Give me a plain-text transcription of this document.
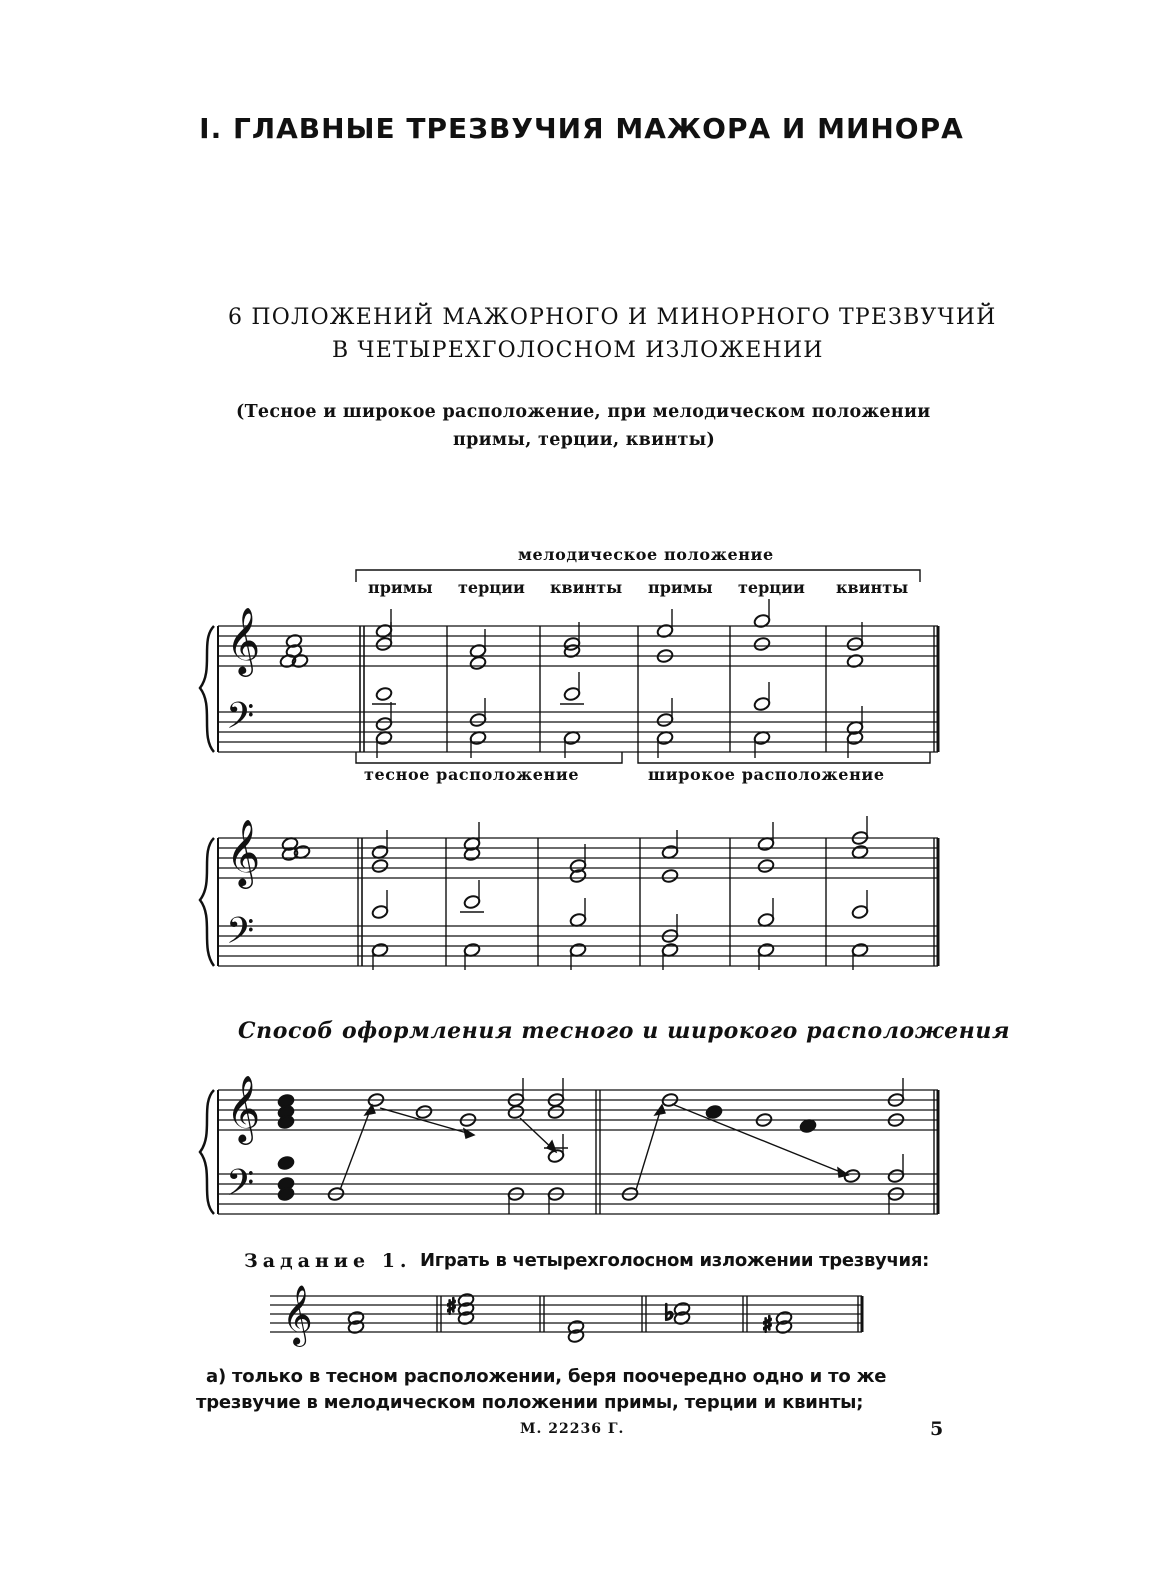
I. ГЛАВНЫЕ ТРЕЗВУЧИЯ МАЖОРА И МИНОРА
6 ПОЛОЖЕНИЙ МАЖОРНОГО И МИНОРНОГО ТРЕЗВУЧИЙ
В ЧЕТЫРЕХГОЛОСНОМ ИЗЛОЖЕНИИ
(Тесное и широкое расположение, при мелодическом положении
примы, терции, квинты)
мелодическое положение
примы терции квинты примы терции квинты
тесное расположение	широкое расположение
Способ оформления тесного и широкого расположения
Задание 1. Играть в четырехголосном изложении трезвучия:
а) только в тесном расположении, беря поочередно одно и то же
трезвучие в мелодическом положении примы, терции и квинты;
М. 22236 Г.	5
♯	♭	♯
𝄞
𝄢
𝄞
𝄢
𝄞
𝄢
𝄞
